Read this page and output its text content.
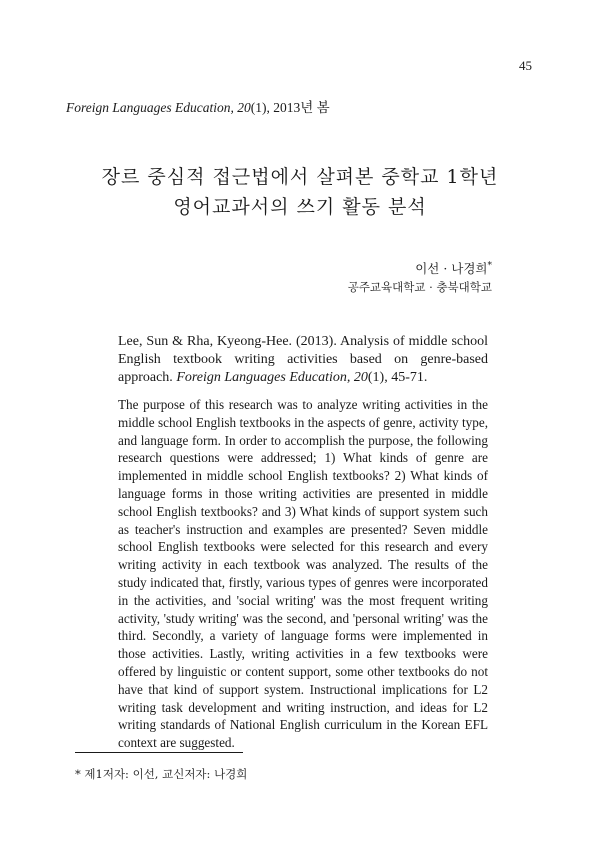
45
Foreign Languages Education, 20(1), 2013년 봄
장르 중심적 접근법에서 살펴본 중학교 1학년
영어교과서의 쓰기 활동 분석
이선 · 나경희*
공주교육대학교 · 충북대학교
Lee, Sun & Rha, Kyeong-Hee. (2013). Analysis of middle school English textbook writing activities based on genre-based approach. Foreign Languages Education, 20(1), 45-71.
The purpose of this research was to analyze writing activities in the middle school English textbooks in the aspects of genre, activity type, and language form. In order to accomplish the purpose, the following research questions were addressed; 1) What kinds of genre are implemented in middle school English textbooks? 2) What kinds of language forms in those writing activities are presented in middle school English textbooks? and 3) What kinds of support system such as teacher's instruction and examples are presented? Seven middle school English textbooks were selected for this research and every writing activity in each textbook was analyzed. The results of the study indicated that, firstly, various types of genres were incorporated in the activities, and 'social writing' was the most frequent writing activity, 'study writing' was the second, and 'personal writing' was the third. Secondly, a variety of language forms were implemented in those activities. Lastly, writing activities in a few textbooks were offered by linguistic or content support, some other textbooks do not have that kind of support system. Instructional implications for L2 writing task development and writing instruction, and ideas for L2 writing standards of National English curriculum in the Korean EFL context are suggested.
* 제1저자: 이선, 교신저자: 나경희
